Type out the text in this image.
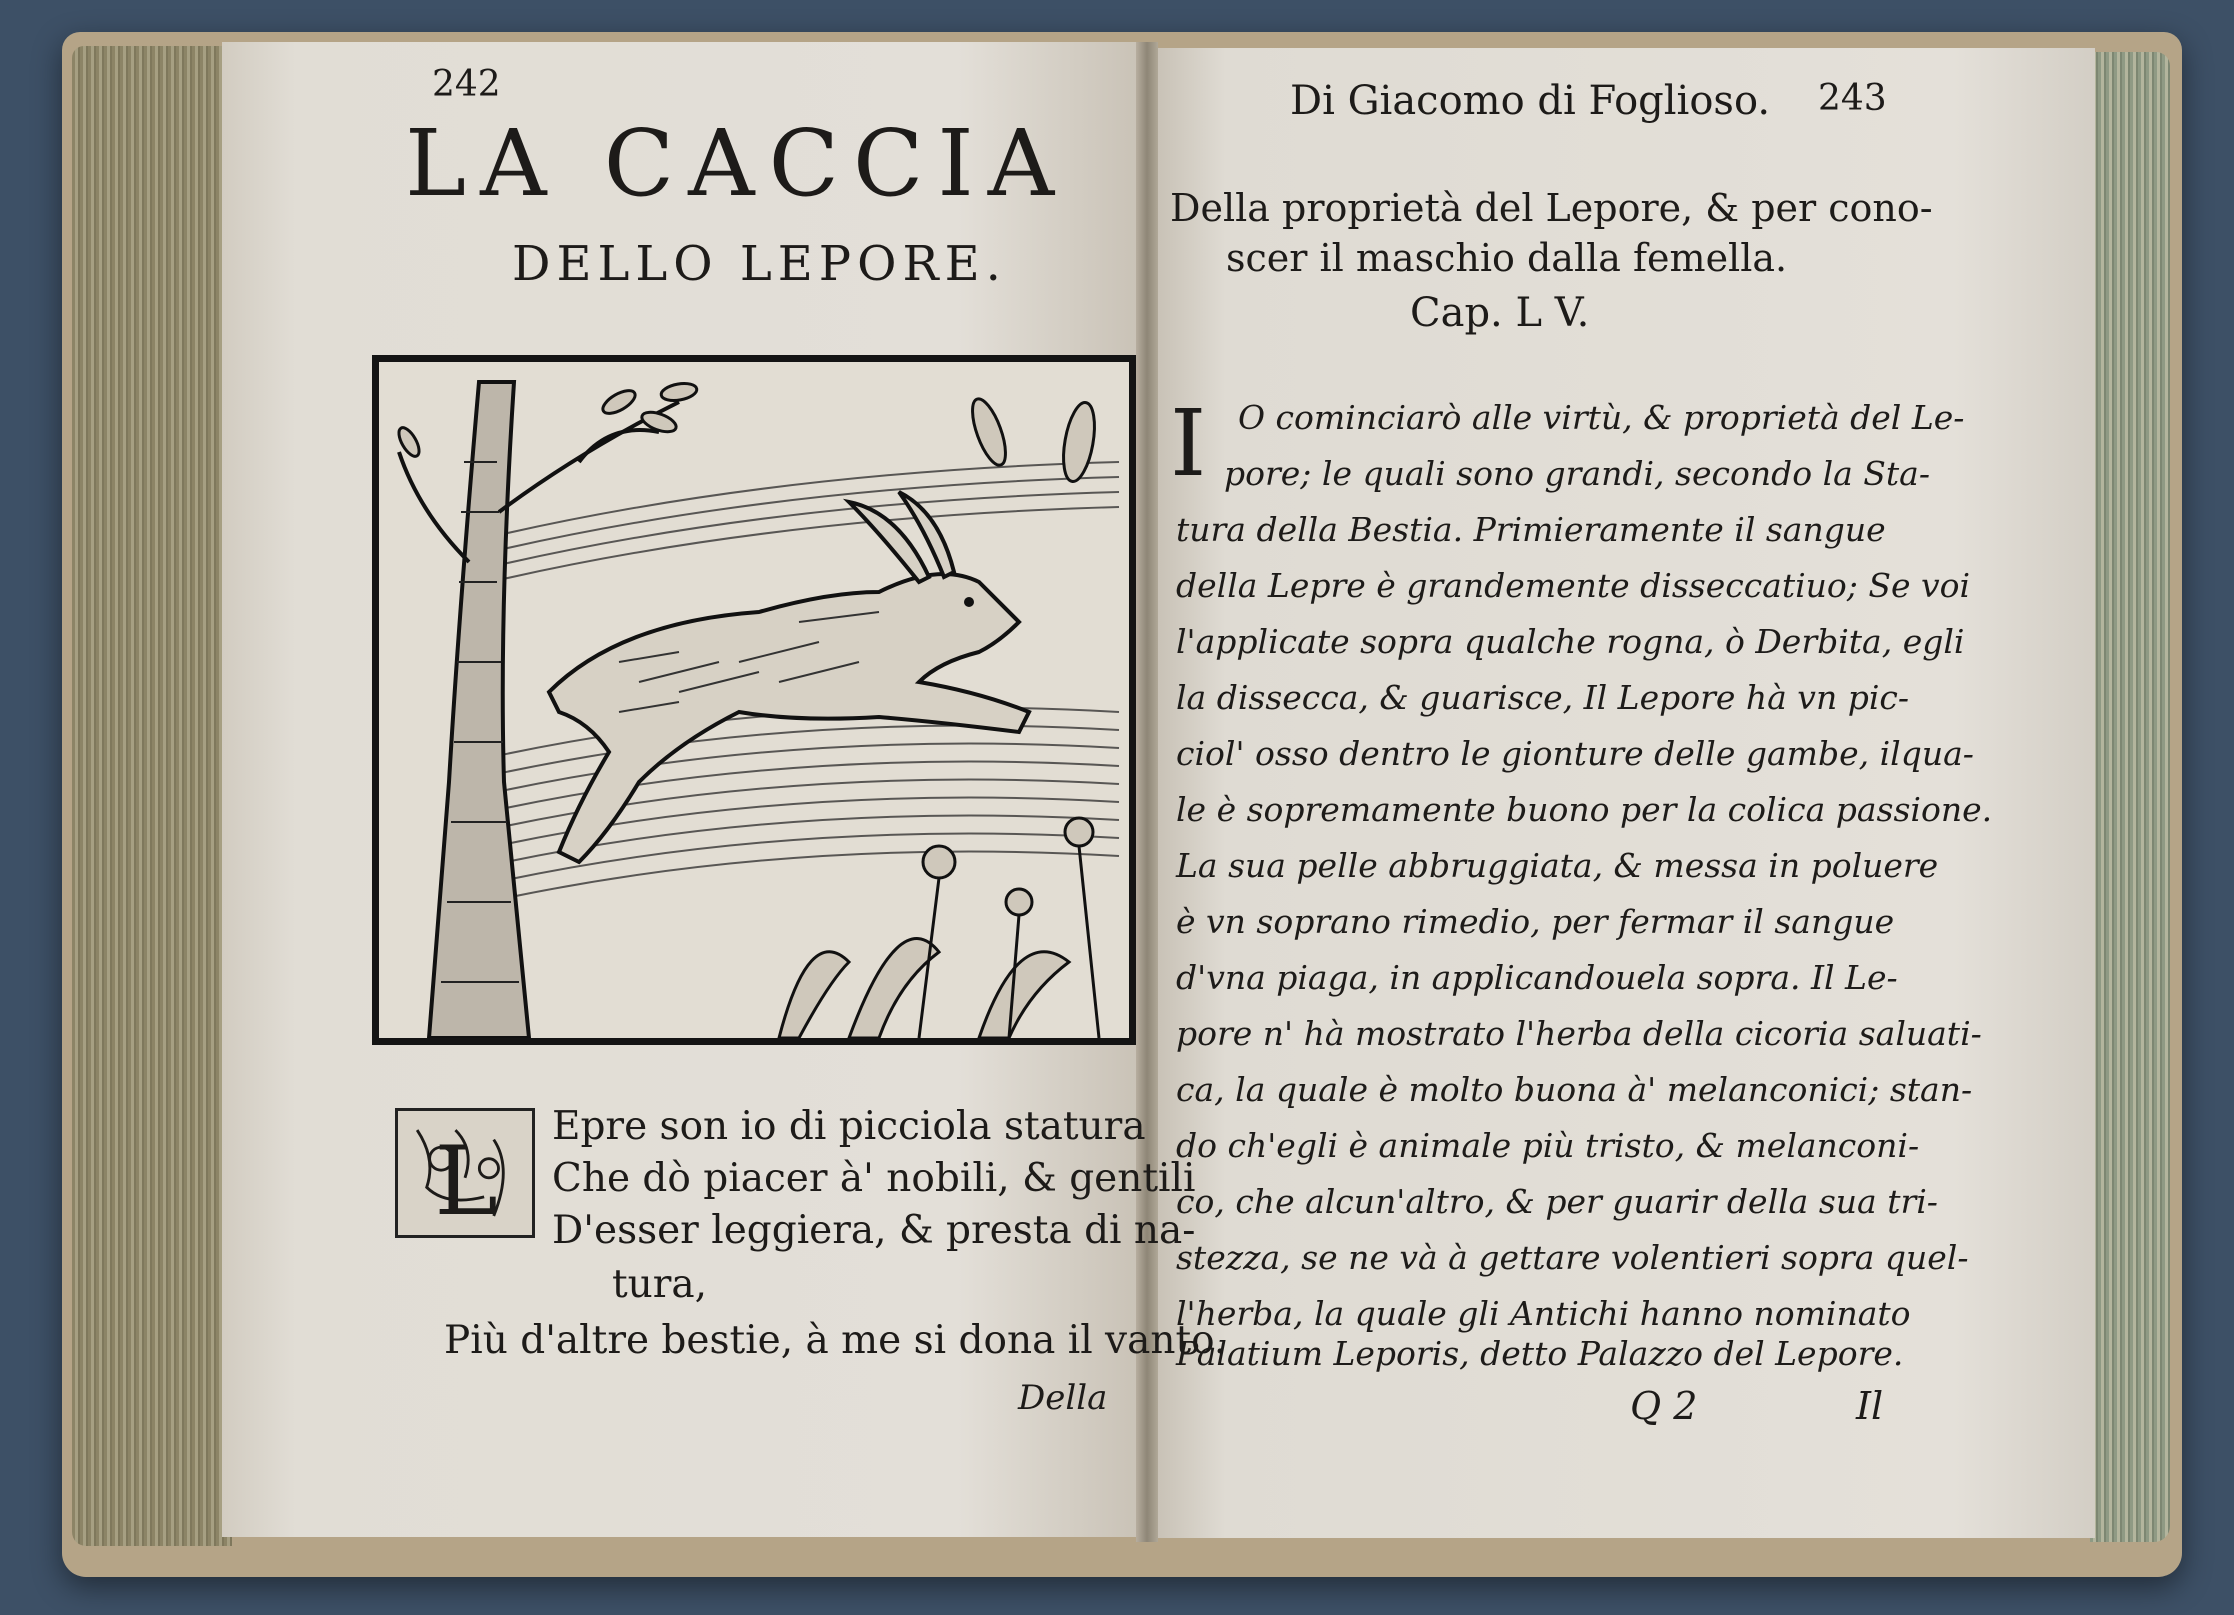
242
LA CACCIA
DELLO LEPORE.
L Epre son io di picciola statura
Che dò piacer à' nobili, & gentili
D'esser leggiera, & presta di na-
tura,
Più d'altre bestie, à me si dona il vanto.
Della
Di Giacomo di Foglioso. 243
Della proprietà del Lepore, & per cono-
scer il maschio dalla femella.
Cap. L V.
I O cominciarò alle virtù, & proprietà del Le-
pore; le quali sono grandi, secondo la Sta-
tura della Bestia. Primieramente il sangue
della Lepre è grandemente disseccatiuo; Se voi
l'applicate sopra qualche rogna, ò Derbita, egli
la dissecca, & guarisce, Il Lepore hà vn pic-
ciol' osso dentro le gionture delle gambe, ilqua-
le è sopremamente buono per la colica passione.
La sua pelle abbruggiata, & messa in poluere
è vn soprano rimedio, per fermar il sangue
d'vna piaga, in applicandouela sopra. Il Le-
pore n' hà mostrato l'herba della cicoria saluati-
ca, la quale è molto buona à' melanconici; stan-
do ch'egli è animale più tristo, & melanconi-
co, che alcun'altro, & per guarir della sua tri-
stezza, se ne và à gettare volentieri sopra quel-
l'herba, la quale gli Antichi hanno nominato
Palatium Leporis, detto Palazzo del Lepore.
Q 2	Il
